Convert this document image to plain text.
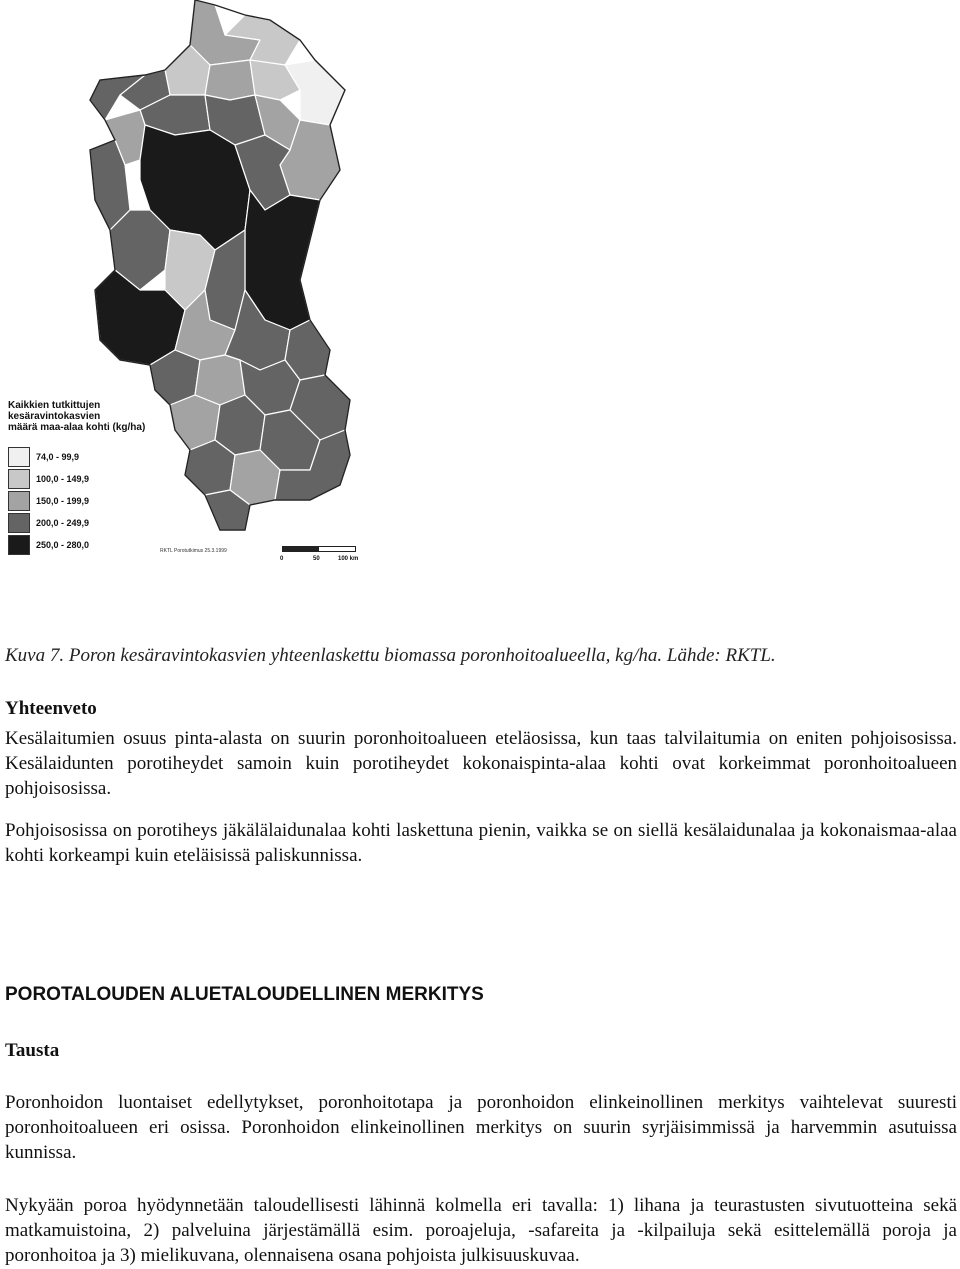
Kaikkien tutkittujen
kesäravintokasvien
määrä maa-alaa kohti (kg/ha)
74,0 - 99,9
100,0 - 149,9
150,0 - 199,9
200,0 - 249,9
250,0 - 280,0
RKTL Porotutkimus 25.3.1999
0	50	100 km

Kuva 7. Poron kesäravintokasvien yhteenlaskettu biomassa poronhoitoalueella, kg/ha. Lähde: RKTL.

Yhteenveto

Kesälaitumien osuus pinta-alasta on suurin poronhoitoalueen eteläosissa, kun taas talvilaitumia on eniten pohjoisosissa. Kesälaidunten porotiheydet samoin kuin porotiheydet kokonaispinta-alaa kohti ovat korkeimmat poronhoitoalueen pohjoisosissa.

Pohjoisosissa on porotiheys jäkälälaidunalaa kohti laskettuna pienin, vaikka se on siellä kesälaidunalaa ja kokonaismaa-alaa kohti korkeampi kuin eteläisissä paliskunnissa.

POROTALOUDEN ALUETALOUDELLINEN MERKITYS
Tausta

Poronhoidon luontaiset edellytykset, poronhoitotapa ja poronhoidon elinkeinollinen merkitys vaihtelevat suuresti poronhoitoalueen eri osissa. Poronhoidon elinkeinollinen merkitys on suurin syrjäisimmissä ja harvemmin asutuissa kunnissa.

Nykyään poroa hyödynnetään taloudellisesti lähinnä kolmella eri tavalla: 1) lihana ja teurastusten sivutuotteina sekä matkamuistoina, 2) palveluina järjestämällä esim. poroajeluja, -safareita ja -kilpailuja sekä esittelemällä poroja ja poronhoitoa ja 3) mielikuvana, olennaisena osana pohjoista julkisuuskuvaa.
